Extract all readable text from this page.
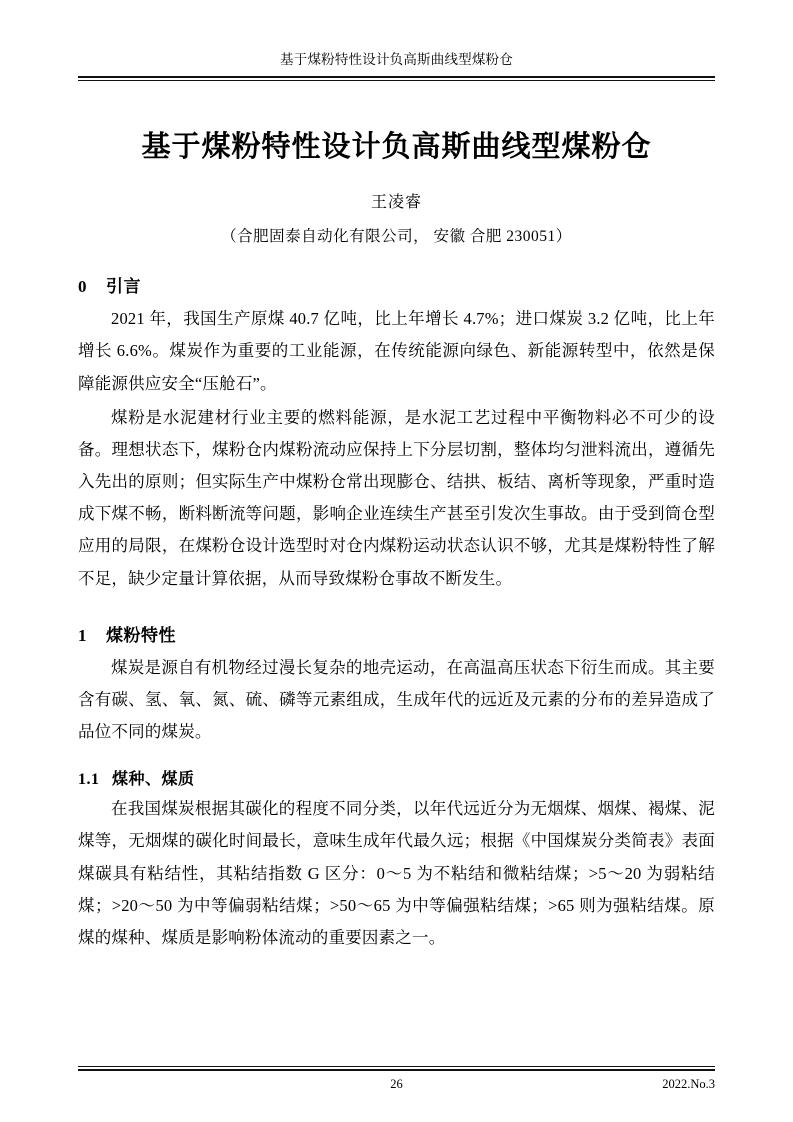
基于煤粉特性设计负高斯曲线型煤粉仓
基于煤粉特性设计负高斯曲线型煤粉仓
王凌睿
（合肥固泰自动化有限公司， 安徽 合肥 230051）
0 引言

2021 年，我国生产原煤 40.7 亿吨，比上年增长 4.7%；进口煤炭 3.2 亿吨，比上年增长 6.6%。煤炭作为重要的工业能源，在传统能源向绿色、新能源转型中，依然是保障能源供应安全“压舱石”。

煤粉是水泥建材行业主要的燃料能源，是水泥工艺过程中平衡物料必不可少的设备。理想状态下，煤粉仓内煤粉流动应保持上下分层切割，整体均匀泄料流出，遵循先入先出的原则；但实际生产中煤粉仓常出现膨仓、结拱、板结、离析等现象，严重时造成下煤不畅，断料断流等问题，影响企业连续生产甚至引发次生事故。由于受到筒仓型应用的局限，在煤粉仓设计选型时对仓内煤粉运动状态认识不够，尤其是煤粉特性了解不足，缺少定量计算依据，从而导致煤粉仓事故不断发生。

1 煤粉特性

煤炭是源自有机物经过漫长复杂的地壳运动，在高温高压状态下衍生而成。其主要含有碳、氢、氧、氮、硫、磷等元素组成，生成年代的远近及元素的分布的差异造成了品位不同的煤炭。

1.1 煤种、煤质

在我国煤炭根据其碳化的程度不同分类，以年代远近分为无烟煤、烟煤、褐煤、泥煤等，无烟煤的碳化时间最长，意味生成年代最久远；根据《中国煤炭分类简表》表面煤碳具有粘结性，其粘结指数 G 区分：0～5 为不粘结和微粘结煤；>5～20 为弱粘结煤；>20～50 为中等偏弱粘结煤；>50～65 为中等偏强粘结煤；>65 则为强粘结煤。原煤的煤种、煤质是影响粉体流动的重要因素之一。

26	2022.No.3
